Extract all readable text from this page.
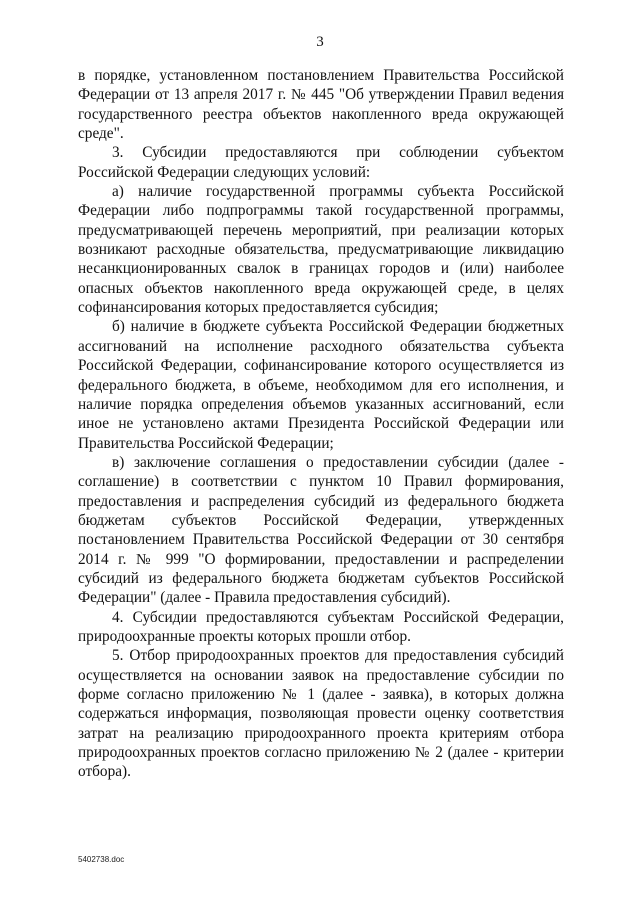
3

в порядке, установленном постановлением Правительства Российской Федерации от 13 апреля 2017 г. № 445 "Об утверждении Правил ведения государственного реестра объектов накопленного вреда окружающей среде".

3. Субсидии предоставляются при соблюдении субъектом Российской Федерации следующих условий:

а) наличие государственной программы субъекта Российской Федерации либо подпрограммы такой государственной программы, предусматривающей перечень мероприятий, при реализации которых возникают расходные обязательства, предусматривающие ликвидацию несанкционированных свалок в границах городов и (или) наиболее опасных объектов накопленного вреда окружающей среде, в целях софинансирования которых предоставляется субсидия;

б) наличие в бюджете субъекта Российской Федерации бюджетных ассигнований на исполнение расходного обязательства субъекта Российской Федерации, софинансирование которого осуществляется из федерального бюджета, в объеме, необходимом для его исполнения, и наличие порядка определения объемов указанных ассигнований, если иное не установлено актами Президента Российской Федерации или Правительства Российской Федерации;

в) заключение соглашения о предоставлении субсидии (далее - соглашение) в соответствии с пунктом 10 Правил формирования, предоставления и распределения субсидий из федерального бюджета бюджетам субъектов Российской Федерации, утвержденных постановлением Правительства Российской Федерации от 30 сентября 2014 г. № 999 "О формировании, предоставлении и распределении субсидий из федерального бюджета бюджетам субъектов Российской Федерации" (далее - Правила предоставления субсидий).

4. Субсидии предоставляются субъектам Российской Федерации, природоохранные проекты которых прошли отбор.

5. Отбор природоохранных проектов для предоставления субсидий осуществляется на основании заявок на предоставление субсидии по форме согласно приложению № 1 (далее - заявка), в которых должна содержаться информация, позволяющая провести оценку соответствия затрат на реализацию природоохранного проекта критериям отбора природоохранных проектов согласно приложению № 2 (далее - критерии отбора).

5402738.doc
